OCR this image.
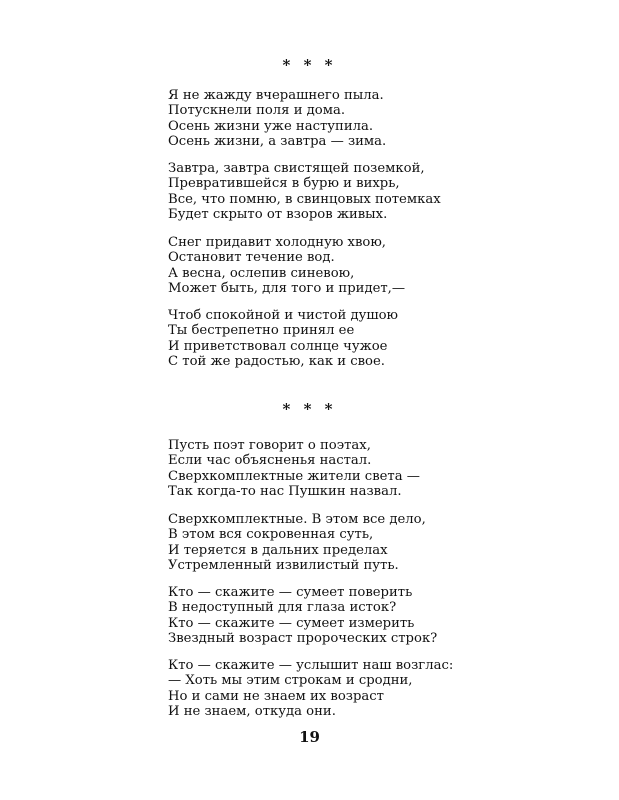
* * *

Я не жажду вчерашнего пыла.
Потускнели поля и дома.
Осень жизни уже наступила.
Осень жизни, а завтра — зима.

Завтра, завтра свистящей поземкой,
Превратившейся в бурю и вихрь,
Все, что помню, в свинцовых потемках
Будет скрыто от взоров живых.

Снег придавит холодную хвою,
Остановит течение вод.
А весна, ослепив синевою,
Может быть, для того и придет,—

Чтоб спокойной и чистой душою
Ты бестрепетно принял ее
И приветствовал солнце чужое
С той же радостью, как и свое.

* * *

Пусть поэт говорит о поэтах,
Если час объясненья настал.
Сверхкомплектные жители света —
Так когда-то нас Пушкин назвал.

Сверхкомплектные. В этом все дело,
В этом вся сокровенная суть,
И теряется в дальних пределах
Устремленный извилистый путь.

Кто — скажите — сумеет поверить
В недоступный для глаза исток?
Кто — скажите — сумеет измерить
Звездный возраст пророческих строк?

Кто — скажите — услышит наш возглас:
— Хоть мы этим строкам и сродни,
Но и сами не знаем их возраст
И не знаем, откуда они.

19
